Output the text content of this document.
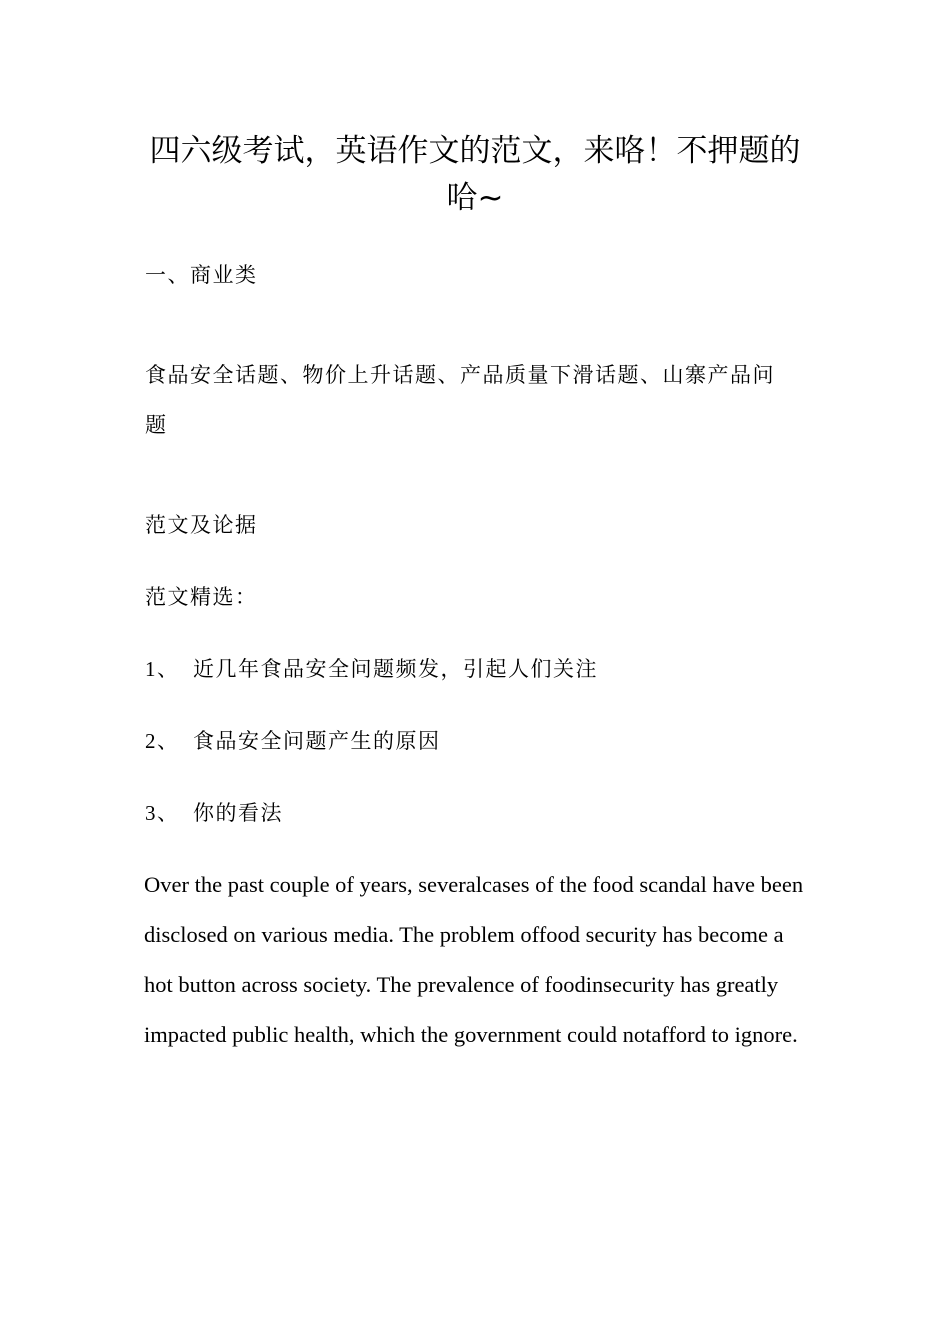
四六级考试，英语作文的范文，来咯！不押题的哈~

一、商业类

食品安全话题、物价上升话题、产品质量下滑话题、山寨产品问题

范文及论据

范文精选：

1、 近几年食品安全问题频发，引起人们关注

2、 食品安全问题产生的原因

3、 你的看法

Over the past couple of years, severalcases of the food scandal have been disclosed on various media. The problem offood security has become a hot button across society. The prevalence of foodinsecurity has greatly impacted public health, which the government could notafford to ignore.
